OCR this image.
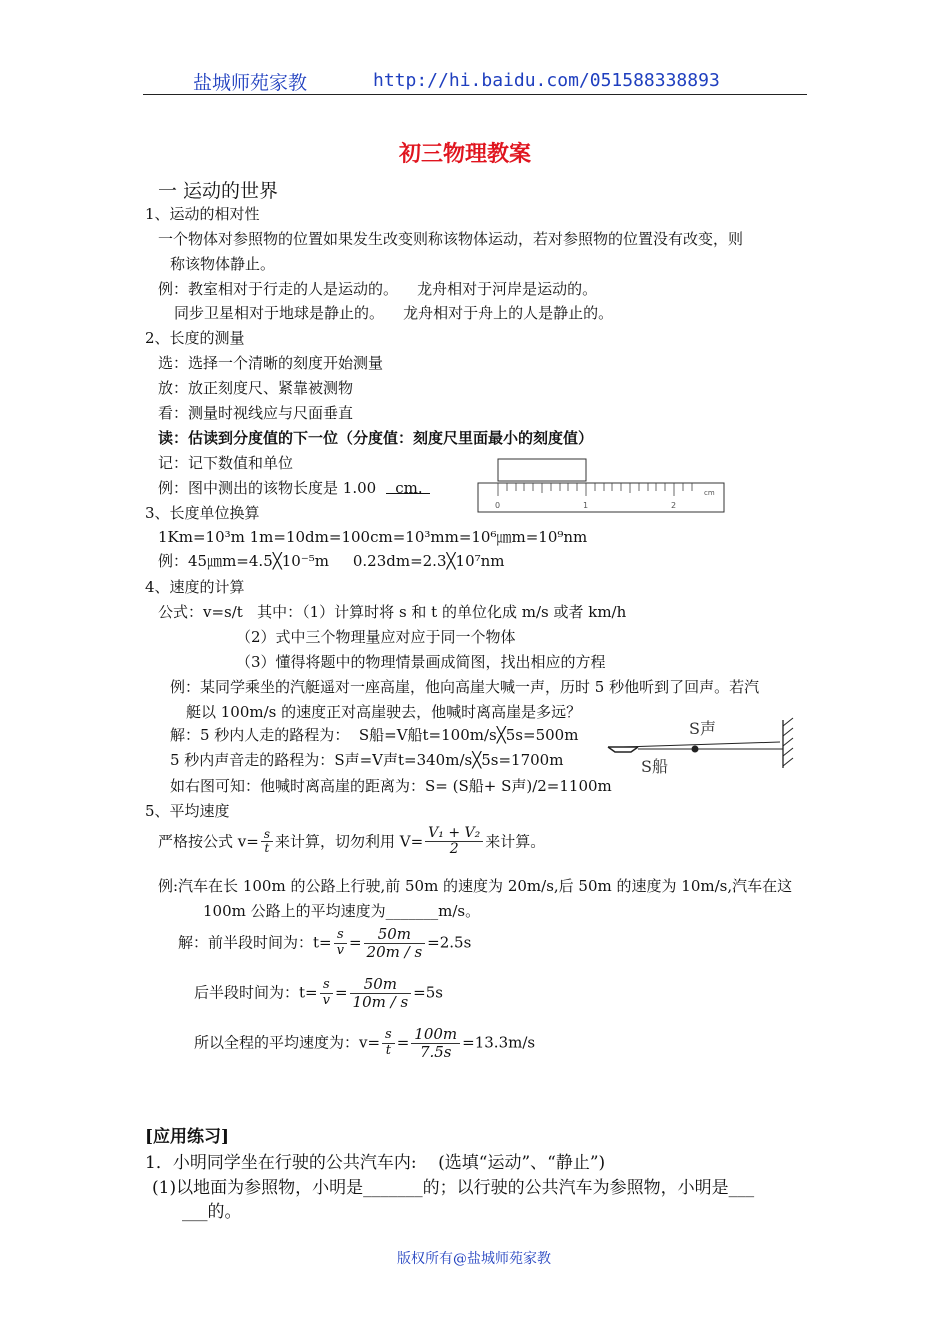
盐城师苑家教	http://hi.baidu.com/051588338893
初三物理教案
一 运动的世界
1、运动的相对性
一个物体对参照物的位置如果发生改变则称该物体运动，若对参照物的位置没有改变，则
称该物体静止。
例：教室相对于行走的人是运动的。    龙舟相对于河岸是运动的。
同步卫星相对于地球是静止的。    龙舟相对于舟上的人是静止的。
2、长度的测量
选：选择一个清晰的刻度开始测量
放：放正刻度尺、紧靠被测物
看：测量时视线应与尺面垂直
读：估读到分度值的下一位（分度值：刻度尺里面最小的刻度值）
记：记下数值和单位
例：图中测出的该物长度是 1.00    cm.
0	1	2
cm
3、长度单位换算
1Km=10³m 1m=10dm=100cm=10³mm=10⁶㎛m=10⁹nm
例：45㎛m=4.5╳10⁻⁵m     0.23dm=2.3╳10⁷nm
4、速度的计算
公式：v=s/t   其中：（1）计算时将 s 和 t 的单位化成 m/s 或者 km/h
（2）式中三个物理量应对应于同一个物体
（3）懂得将题中的物理情景画成简图，找出相应的方程
例：某同学乘坐的汽艇遥对一座高崖，他向高崖大喊一声，历时 5 秒他听到了回声。若汽
艇以 100m/s 的速度正对高崖驶去，他喊时离高崖是多远？
解：5 秒内人走的路程为：  S船=V船t=100m/s╳5s=500m
5 秒内声音走的路程为：S声=V声t=340m/s╳5s=1700m
如右图可知：他喊时离高崖的距离为：S= (S船+ S声)/2=1100m
S声
S船
5、平均速度
严格按公式 $v= \frac{s}{t}$ 来计算，切勿利用 $V= \frac{\text{V₁ + V₂}}{2}$ 来计算。
例:汽车在长 100m 的公路上行驶,前 50m 的速度为 20m/s,后 50m 的速度为 10m/s,汽车在这
100m 公路上的平均速度为_______m/s。
解：前半段时间为：$t= \frac{s}{v} = \frac{50m}{20m / s} =2.5s$
后半段时间为：$t= \frac{s}{v} = \frac{50m}{10m / s} =5s$
所以全程的平均速度为：$v= \frac{s}{t} = \frac{100m}{7.5s} =13.3m/s$
[应用练习]
1．小明同学坐在行驶的公共汽车内:    (选填“运动”、“静止”)
(1)以地面为参照物，小明是_______的；以行驶的公共汽车为参照物，小明是___
___的。
版权所有@盐城师苑家教
